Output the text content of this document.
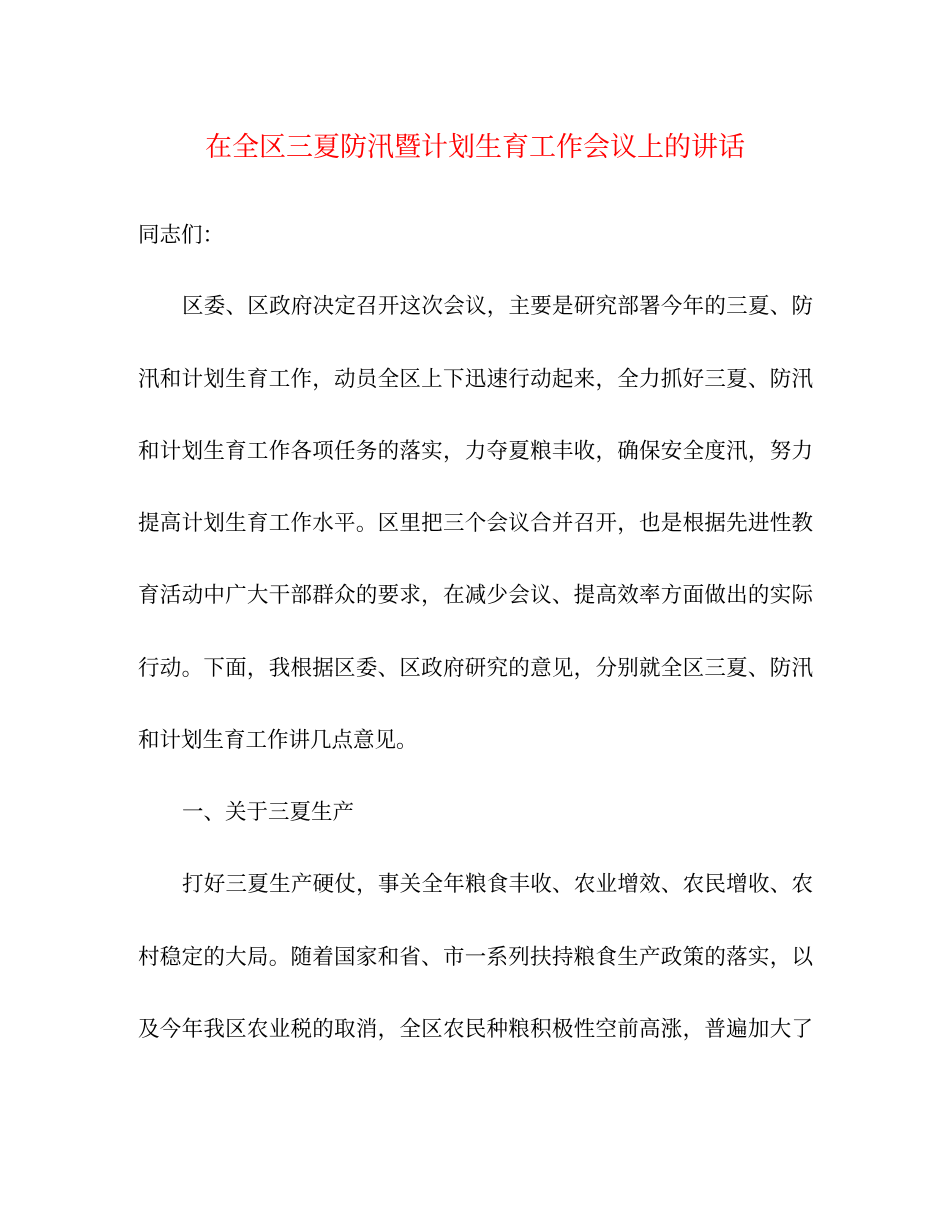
在全区三夏防汛暨计划生育工作会议上的讲话
同志们：
区委、区政府决定召开这次会议，主要是研究部署今年的三夏、防
汛和计划生育工作，动员全区上下迅速行动起来，全力抓好三夏、防汛
和计划生育工作各项任务的落实，力夺夏粮丰收，确保安全度汛，努力
提高计划生育工作水平。区里把三个会议合并召开，也是根据先进性教
育活动中广大干部群众的要求，在减少会议、提高效率方面做出的实际
行动。下面，我根据区委、区政府研究的意见，分别就全区三夏、防汛
和计划生育工作讲几点意见。
一、关于三夏生产
打好三夏生产硬仗，事关全年粮食丰收、农业增效、农民增收、农
村稳定的大局。随着国家和省、市一系列扶持粮食生产政策的落实，以
及今年我区农业税的取消，全区农民种粮积极性空前高涨，普遍加大了
